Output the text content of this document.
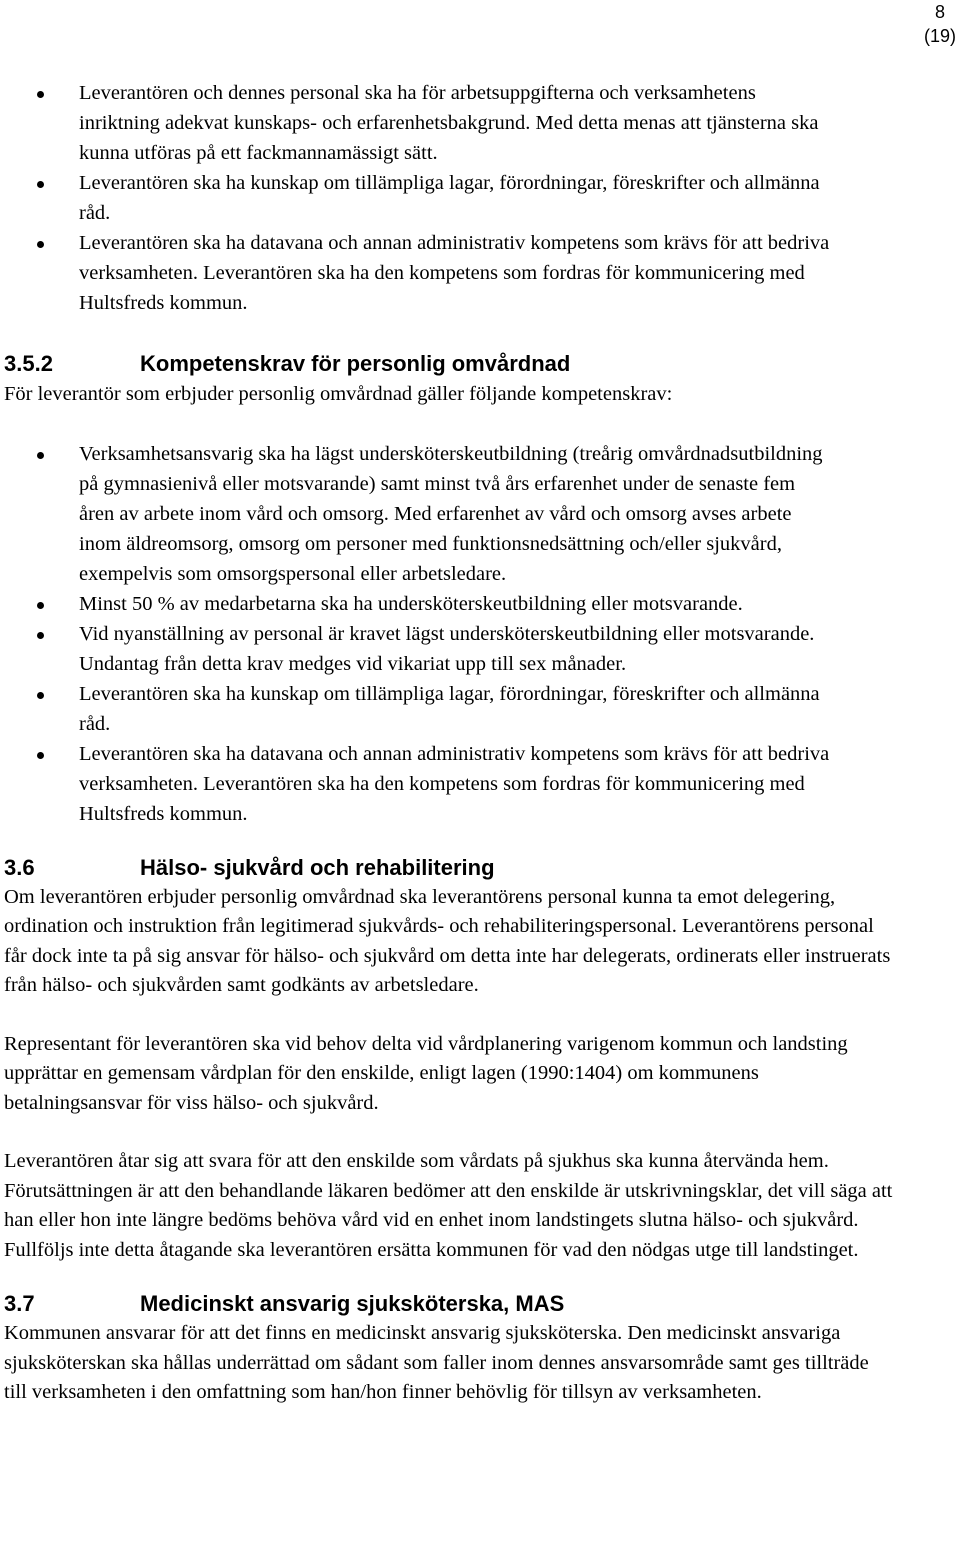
8
(19)
Leverantören och dennes personal ska ha för arbetsuppgifterna och verksamhetens inriktning adekvat kunskaps- och erfarenhetsbakgrund. Med detta menas att tjänsterna ska kunna utföras på ett fackmannamässigt sätt.
Leverantören ska ha kunskap om tillämpliga lagar, förordningar, föreskrifter och allmänna råd.
Leverantören ska ha datavana och annan administrativ kompetens som krävs för att bedriva verksamheten. Leverantören ska ha den kompetens som fordras för kommunicering med Hultsfreds kommun.
3.5.2	Kompetenskrav för personlig omvårdnad

För leverantör som erbjuder personlig omvårdnad gäller följande kompetenskrav:

Verksamhetsansvarig ska ha lägst undersköterskeutbildning (treårig omvårdnadsutbildning på gymnasienivå eller motsvarande) samt minst två års erfarenhet under de senaste fem åren av arbete inom vård och omsorg. Med erfarenhet av vård och omsorg avses arbete inom äldreomsorg, omsorg om personer med funktionsnedsättning och/eller sjukvård, exempelvis som omsorgspersonal eller arbetsledare.
Minst 50 % av medarbetarna ska ha undersköterskeutbildning eller motsvarande.
Vid nyanställning av personal är kravet lägst undersköterskeutbildning eller motsvarande. Undantag från detta krav medges vid vikariat upp till sex månader.
Leverantören ska ha kunskap om tillämpliga lagar, förordningar, föreskrifter och allmänna råd.
Leverantören ska ha datavana och annan administrativ kompetens som krävs för att bedriva verksamheten. Leverantören ska ha den kompetens som fordras för kommunicering med Hultsfreds kommun.
3.6	Hälso- sjukvård och rehabilitering

Om leverantören erbjuder personlig omvårdnad ska leverantörens personal kunna ta emot delegering, ordination och instruktion från legitimerad sjukvårds- och rehabiliteringspersonal. Leverantörens personal får dock inte ta på sig ansvar för hälso- och sjukvård om detta inte har delegerats, ordinerats eller instruerats från hälso- och sjukvården samt godkänts av arbetsledare.

Representant för leverantören ska vid behov delta vid vårdplanering varigenom kommun och landsting upprättar en gemensam vårdplan för den enskilde, enligt lagen (1990:1404) om kommunens betalningsansvar för viss hälso- och sjukvård.

Leverantören åtar sig att svara för att den enskilde som vårdats på sjukhus ska kunna återvända hem. Förutsättningen är att den behandlande läkaren bedömer att den enskilde är utskrivningsklar, det vill säga att han eller hon inte längre bedöms behöva vård vid en enhet inom landstingets slutna hälso- och sjukvård. Fullföljs inte detta åtagande ska leverantören ersätta kommunen för vad den nödgas utge till landstinget.

3.7	Medicinskt ansvarig sjuksköterska, MAS

Kommunen ansvarar för att det finns en medicinskt ansvarig sjuksköterska. Den medicinskt ansvariga sjuksköterskan ska hållas underrättad om sådant som faller inom dennes ansvarsområde samt ges tillträde till verksamheten i den omfattning som han/hon finner behövlig för tillsyn av verksamheten.
